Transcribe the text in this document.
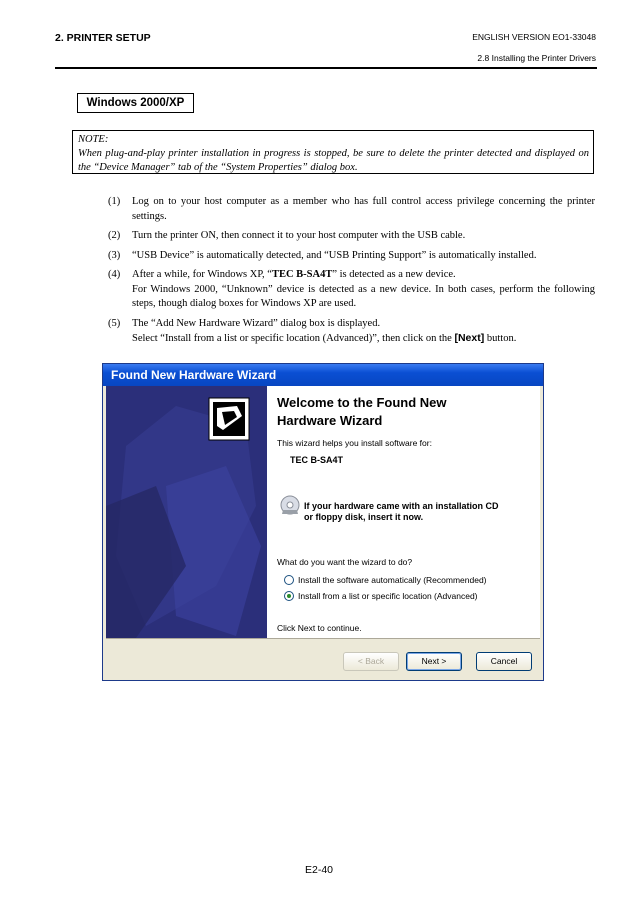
2. PRINTER SETUP	ENGLISH VERSION EO1-33048
2.8 Installing the Printer Drivers
Windows 2000/XP
NOTE:
When plug-and-play printer installation in progress is stopped, be sure to delete the printer detected and displayed on the “Device Manager” tab of the “System Properties” dialog box.
(1)	Log on to your host computer as a member who has full control access privilege concerning the printer settings.
(2)	Turn the printer ON, then connect it to your host computer with the USB cable.
(3)	“USB Device” is automatically detected, and “USB Printing Support” is automatically installed.
(4)	After a while, for Windows XP, “TEC B-SA4T” is detected as a new device.
For Windows 2000, “Unknown” device is detected as a new device. In both cases, perform the following steps, though dialog boxes for Windows XP are used.
(5)	The “Add New Hardware Wizard” dialog box is displayed.
Select “Install from a list or specific location (Advanced)”, then click on the [Next] button.
Found New Hardware Wizard
Welcome to the Found New
Hardware Wizard
This wizard helps you install software for:
TEC B-SA4T
If your hardware came with an installation CD
or floppy disk, insert it now.
What do you want the wizard to do?
Install the software automatically (Recommended)
Install from a list or specific location (Advanced)
Click Next to continue.
< Back	Next >	Cancel
E2-40
